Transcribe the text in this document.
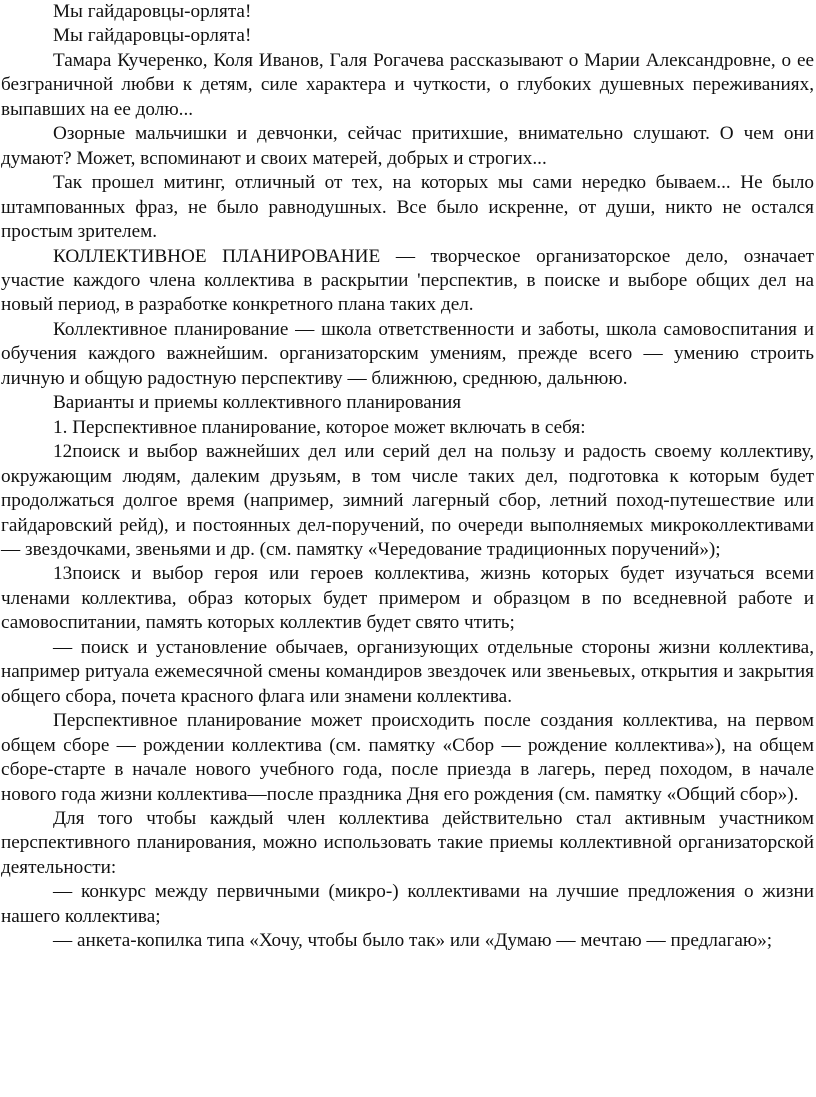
Мы гайдаровцы-орлята!

Мы гайдаровцы-орлята!

Тамара Кучеренко, Коля Иванов, Галя Рогачева рассказывают о Марии Александровне, о ее безграничной любви к детям, силе характера и чуткости, о глубоких душевных переживаниях, выпавших на ее долю...

Озорные мальчишки и девчонки, сейчас притихшие, внимательно слушают. О чем они думают? Может, вспоминают и своих матерей, добрых и строгих...

Так прошел митинг, отличный от тех, на которых мы сами нередко бываем... Не было штампованных фраз, не было равнодушных. Все было искренне, от души, никто не остался простым зрителем.

КОЛЛЕКТИВНОЕ ПЛАНИРОВАНИЕ — творческое организаторское дело, означает участие каждого члена коллектива в раскрытии 'перспектив, в поиске и выборе общих дел на новый период, в разработке конкретного плана таких дел.

Коллективное планирование — школа ответственности и заботы, школа самовоспитания и обучения каждого важнейшим. организаторским умениям, прежде всего — умению строить личную и общую радостную перспективу — ближнюю, среднюю, дальнюю.

Варианты и приемы коллективного планирования

1. Перспективное планирование, которое может включать в себя:

12поиск и выбор важнейших дел или серий дел на пользу и радость своему коллективу, окружающим людям, далеким друзьям, в том числе таких дел, подготовка к которым будет продолжаться долгое время (например, зимний лагерный сбор, летний поход-путешествие или гайдаровский рейд), и постоянных дел-поручений, по очереди выполняемых микроколлективами — звездочками, звеньями и др. (см. памятку «Чередование традиционных поручений»);

13поиск и выбор героя или героев коллектива, жизнь которых будет изучаться всеми членами коллектива, образ которых будет примером и образцом в по вседневной работе и самовоспитании, память которых коллектив будет свято чтить;

— поиск и установление обычаев, организующих отдельные стороны жизни коллектива, например ритуала ежемесячной смены командиров звездочек или звеньевых, открытия и закрытия общего сбора, почета красного флага или знамени коллектива.

Перспективное планирование может происходить после создания коллектива, на первом общем сборе — рождении коллектива (см. памятку «Сбор — рождение коллектива»), на общем сборе-старте в начале нового учебного года, после приезда в лагерь, перед походом, в начале нового года жизни коллектива—после праздника Дня его рождения (см. памятку «Общий сбор»).

Для того чтобы каждый член коллектива действительно стал активным участником перспективного планирования, можно использовать такие приемы коллективной организаторской деятельности:

— конкурс между первичными (микро-) коллективами на лучшие предложения о жизни нашего коллектива;

— анкета-копилка типа «Хочу, чтобы было так» или «Думаю — мечтаю — предлагаю»;
